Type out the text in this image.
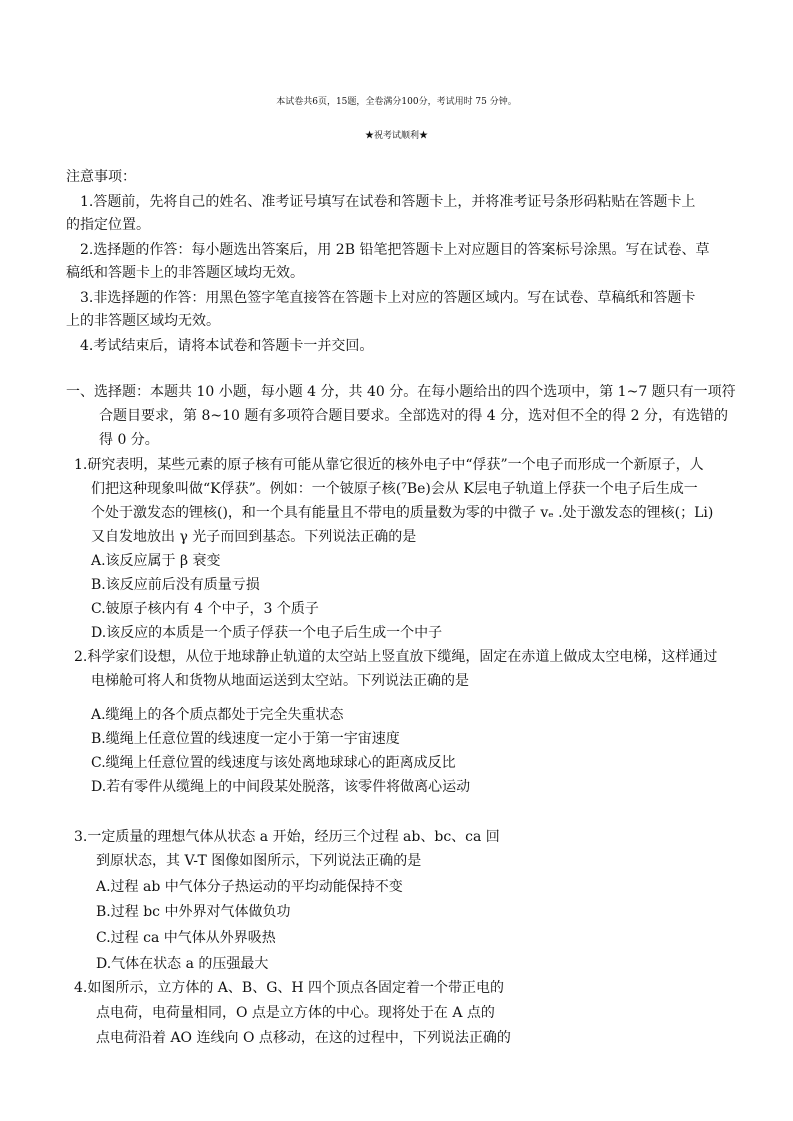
本试卷共6页，15题，全卷满分100分，考试用时 75 分钟。
★祝考试顺利★
注意事项：
1.答题前，先将自己的姓名、准考证号填写在试卷和答题卡上，并将准考证号条形码粘贴在答题卡上
的指定位置。
2.选择题的作答：每小题选出答案后，用 2B 铅笔把答题卡上对应题目的答案标号涂黑。写在试卷、草
稿纸和答题卡上的非答题区域均无效。
3.非选择题的作答：用黑色签字笔直接答在答题卡上对应的答题区域内。写在试卷、草稿纸和答题卡
上的非答题区域均无效。
4.考试结束后，请将本试卷和答题卡一并交回。
一、选择题：本题共 10 小题，每小题 4 分，共 40 分。在每小题给出的四个选项中，第 1~7 题只有一项符
合题目要求，第 8~10 题有多项符合题目要求。全部选对的得 4 分，选对但不全的得 2 分，有选错的
得 0 分。
1.研究表明，某些元素的原子核有可能从靠它很近的核外电子中“俘获”一个电子而形成一个新原子，人
们把这种现象叫做“K俘获”。例如：一个铍原子核(⁷Be)会从 K层电子轨道上俘获一个电子后生成一
个处于激发态的锂核()，和一个具有能量且不带电的质量数为零的中微子 vₑ .处于激发态的锂核(；Li)
又自发地放出 γ 光子而回到基态。下列说法正确的是
A.该反应属于 β 衰变
B.该反应前后没有质量亏损
C.铍原子核内有 4 个中子，3 个质子
D.该反应的本质是一个质子俘获一个电子后生成一个中子
2.科学家们设想，从位于地球静止轨道的太空站上竖直放下缆绳，固定在赤道上做成太空电梯，这样通过
电梯舱可将人和货物从地面运送到太空站。下列说法正确的是
A.缆绳上的各个质点都处于完全失重状态
B.缆绳上任意位置的线速度一定小于第一宇宙速度
C.缆绳上任意位置的线速度与该处离地球球心的距离成反比
D.若有零件从缆绳上的中间段某处脱落，该零件将做离心运动
3.一定质量的理想气体从状态 a 开始，经历三个过程 ab、bc、ca 回
到原状态，其 V-T 图像如图所示，下列说法正确的是
A.过程 ab 中气体分子热运动的平均动能保持不变
B.过程 bc 中外界对气体做负功
C.过程 ca 中气体从外界吸热
D.气体在状态 a 的压强最大
4.如图所示，立方体的 A、B、G、H 四个顶点各固定着一个带正电的
点电荷，电荷量相同，O 点是立方体的中心。现将处于在 A 点的
点电荷沿着 AO 连线向 O 点移动，在这的过程中，下列说法正确的
